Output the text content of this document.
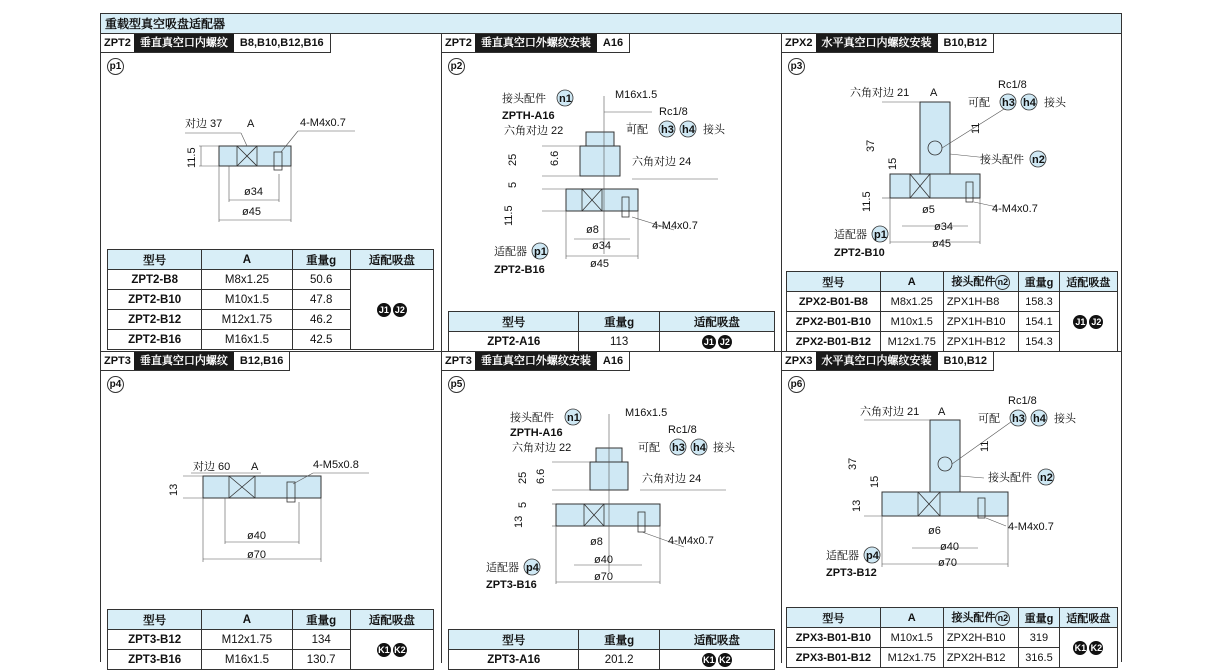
重载型真空吸盘适配器
ZPT2 垂直真空口内螺纹	B8,B10,B12,B16
p1
对边 37 A	4-M4x0.7
11.5
ø34
ø45
型号	A	重量g	适配吸盘
ZPT2-B8	M8x1.25	50.6	J1 J2
ZPT2-B10	M10x1.5	47.8	
ZPT2-B12	M12x1.75	46.2	
ZPT2-B16	M16x1.5	42.5	
ZPT2 垂直真空口外螺纹安装	A16
p2
接头配件 n1	M16x1.5
ZPTH-A16
六角对边 22
Rc1/8
可配 h3 h4 接头
25	6.6	六角对边 24
5
11.5
ø8	4-M4x0.7
ø34
适配器 p1
ø45
ZPT2-B16
型号	重量g	适配吸盘
ZPT2-A16	113	J1 J2
ZPX2 水平真空口内螺纹安装	B10,B12
p3
六角对边 21 A
Rc1/8
可配 h3 h4 接头
37
11
15	接头配件 n2
11.5	ø5	4-M4x0.7
ø34
适配器 p1
ø45
ZPT2-B10
型号	A	接头配件 n2	重量g	适配吸盘
ZPX2-B01-B8	M8x1.25	ZPX1H-B8	158.3	J1 J2
ZPX2-B01-B10	M10x1.5	ZPX1H-B10	154.1	
ZPX2-B01-B12	M12x1.75	ZPX1H-B12	154.3	
ZPT3 垂直真空口内螺纹	B12,B16
p4
对边 60 A	4-M5x0.8
13
ø40
ø70
型号	A	重量g	适配吸盘
ZPT3-B12	M12x1.75	134	K1 K2
ZPT3-B16	M16x1.5	130.7	
ZPT3 垂直真空口外螺纹安装	A16
p5
接头配件 n1	M16x1.5
ZPTH-A16
六角对边 22
Rc1/8
可配 h3 h4 接头
25 6.6	六角对边 24
5
13
ø8	4-M4x0.7
ø40
适配器 p4
ø70
ZPT3-B16
型号	重量g	适配吸盘
ZPT3-A16	201.2	K1 K2
ZPX3 水平真空口内螺纹安装	B10,B12
p6
六角对边 21 A
Rc1/8
可配 h3 h4 接头
37
11
15	接头配件 n2
13
ø6	4-M4x0.7
ø40
适配器 p4
ø70
ZPT3-B12
型号	A	接头配件 n2	重量g	适配吸盘
ZPX3-B01-B10	M10x1.5	ZPX2H-B10	319	K1 K2
ZPX3-B01-B12	M12x1.75	ZPX2H-B12	316.5	
